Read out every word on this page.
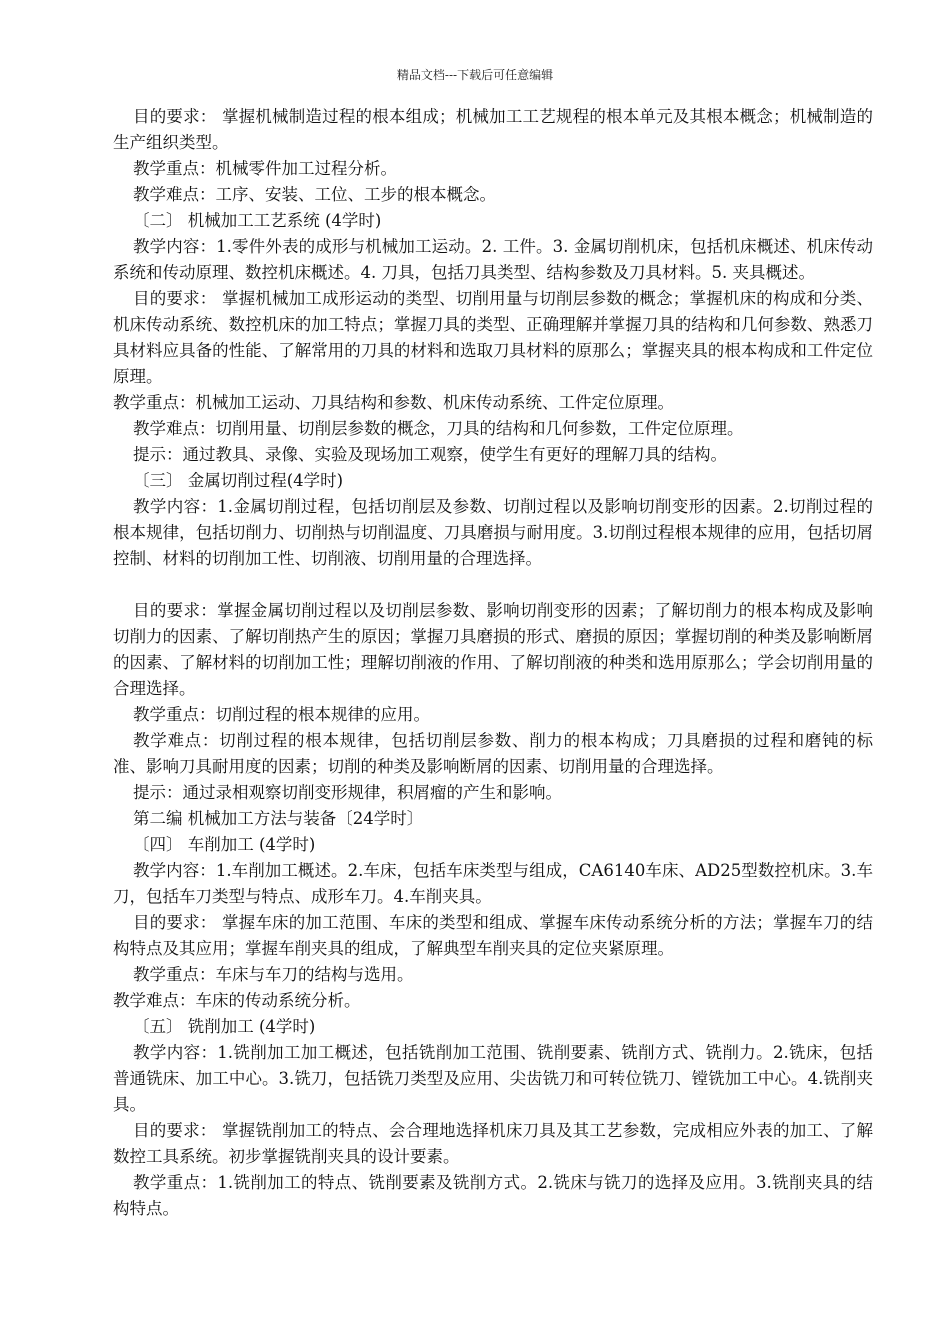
精品文档---下载后可任意编辑

目的要求： 掌握机械制造过程的根本组成；机械加工工艺规程的根本单元及其根本概念；机械制造的生产组织类型。

教学重点：机械零件加工过程分析。

教学难点：工序、安装、工位、工步的根本概念。

〔二〕 机械加工工艺系统 (4学时)

教学内容：1.零件外表的成形与机械加工运动。2. 工件。3. 金属切削机床，包括机床概述、机床传动系统和传动原理、数控机床概述。4. 刀具，包括刀具类型、结构参数及刀具材料。5. 夹具概述。

目的要求： 掌握机械加工成形运动的类型、切削用量与切削层参数的概念；掌握机床的构成和分类、机床传动系统、数控机床的加工特点；掌握刀具的类型、正确理解并掌握刀具的结构和几何参数、熟悉刀具材料应具备的性能、了解常用的刀具的材料和选取刀具材料的原那么；掌握夹具的根本构成和工件定位原理。

教学重点：机械加工运动、刀具结构和参数、机床传动系统、工件定位原理。

教学难点：切削用量、切削层参数的概念，刀具的结构和几何参数，工件定位原理。

提示：通过教具、录像、实验及现场加工观察，使学生有更好的理解刀具的结构。

〔三〕 金属切削过程(4学时)

教学内容：1.金属切削过程，包括切削层及参数、切削过程以及影响切削变形的因素。2.切削过程的根本规律，包括切削力、切削热与切削温度、刀具磨损与耐用度。3.切削过程根本规律的应用，包括切屑控制、材料的切削加工性、切削液、切削用量的合理选择。

目的要求：掌握金属切削过程以及切削层参数、影响切削变形的因素；了解切削力的根本构成及影响切削力的因素、了解切削热产生的原因；掌握刀具磨损的形式、磨损的原因；掌握切削的种类及影响断屑的因素、了解材料的切削加工性；理解切削液的作用、了解切削液的种类和选用原那么；学会切削用量的合理选择。

教学重点：切削过程的根本规律的应用。

教学难点：切削过程的根本规律，包括切削层参数、削力的根本构成；刀具磨损的过程和磨钝的标准、影响刀具耐用度的因素；切削的种类及影响断屑的因素、切削用量的合理选择。

提示：通过录相观察切削变形规律，积屑瘤的产生和影响。

第二编 机械加工方法与装备〔24学时〕

〔四〕 车削加工 (4学时)

教学内容：1.车削加工概述。2.车床，包括车床类型与组成，CA6140车床、AD25型数控机床。3.车刀，包括车刀类型与特点、成形车刀。4.车削夹具。

目的要求： 掌握车床的加工范围、车床的类型和组成、掌握车床传动系统分析的方法；掌握车刀的结构特点及其应用；掌握车削夹具的组成，了解典型车削夹具的定位夹紧原理。

教学重点：车床与车刀的结构与选用。

教学难点：车床的传动系统分析。

〔五〕 铣削加工 (4学时)

教学内容：1.铣削加工加工概述，包括铣削加工范围、铣削要素、铣削方式、铣削力。2.铣床，包括普通铣床、加工中心。3.铣刀，包括铣刀类型及应用、尖齿铣刀和可转位铣刀、镗铣加工中心。4.铣削夹具。

目的要求： 掌握铣削加工的特点、会合理地选择机床刀具及其工艺参数，完成相应外表的加工、了解数控工具系统。初步掌握铣削夹具的设计要素。

教学重点：1.铣削加工的特点、铣削要素及铣削方式。2.铣床与铣刀的选择及应用。3.铣削夹具的结构特点。
